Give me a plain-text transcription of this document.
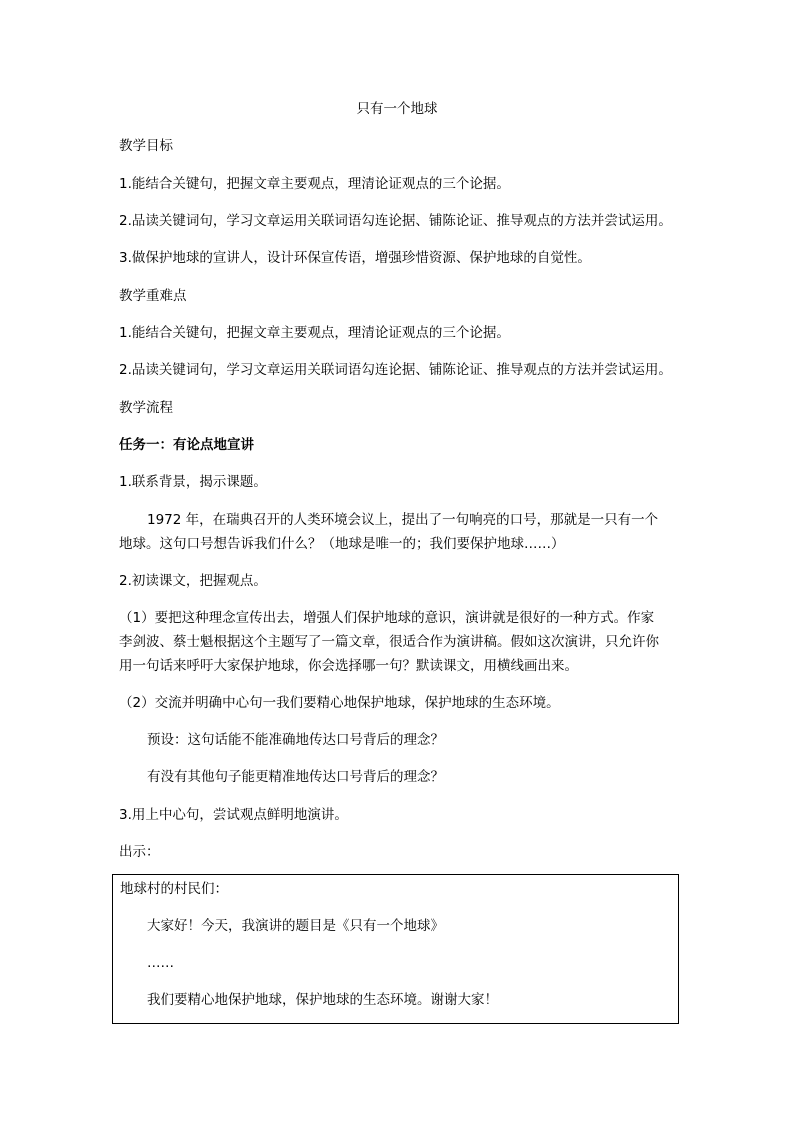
只有一个地球
教学目标
1.能结合关键句，把握文章主要观点，理清论证观点的三个论据。
2.品读关键词句，学习文章运用关联词语勾连论据、铺陈论证、推导观点的方法并尝试运用。
3.做保护地球的宣讲人，设计环保宣传语，增强珍惜资源、保护地球的自觉性。
教学重难点
1.能结合关键句，把握文章主要观点，理清论证观点的三个论据。
2.品读关键词句，学习文章运用关联词语勾连论据、铺陈论证、推导观点的方法并尝试运用。
教学流程
任务一：有论点地宣讲
1.联系背景，揭示课题。
1972 年，在瑞典召开的人类环境会议上，提出了一句响亮的口号，那就是一只有一个
地球。这句口号想告诉我们什么？（地球是唯一的；我们要保护地球……）
2.初读课文，把握观点。
（1）要把这种理念宣传出去，增强人们保护地球的意识，演讲就是很好的一种方式。作家
李剑波、蔡士魁根据这个主题写了一篇文章，很适合作为演讲稿。假如这次演讲，只允许你
用一句话来呼吁大家保护地球，你会选择哪一句？默读课文，用横线画出来。
（2）交流并明确中心句一我们要精心地保护地球，保护地球的生态环境。
预设：这句话能不能准确地传达口号背后的理念？
有没有其他句子能更精准地传达口号背后的理念？
3.用上中心句，尝试观点鲜明地演讲。
出示：
地球村的村民们：
大家好！今天，我演讲的题目是《只有一个地球》
……
我们要精心地保护地球，保护地球的生态环境。谢谢大家！
